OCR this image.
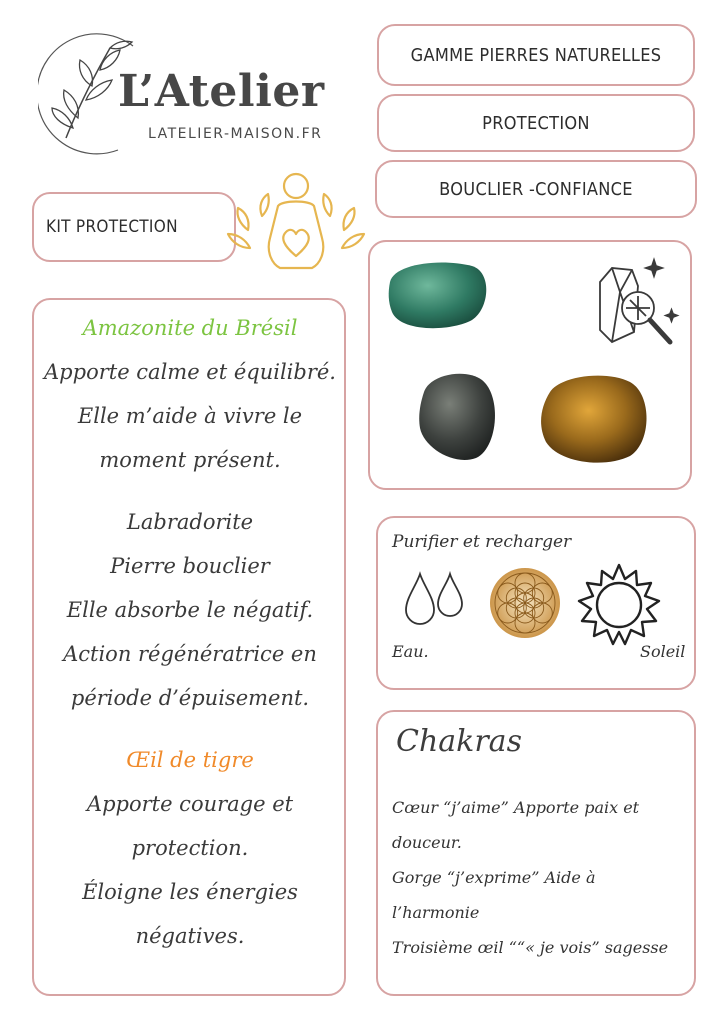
L’Atelier
LATELIER-MAISON.FR
GAMME PIERRES NATURELLES
PROTECTION
BOUCLIER -CONFIANCE
KIT PROTECTION

Amazonite du Brésil

Apporte calme et équilibré.

Elle m’aide à vivre le

moment présent.

Labradorite

Pierre bouclier

Elle absorbe le négatif.

Action régénératrice en

période d’épuisement.

Œil de tigre

Apporte courage et

protection.

Éloigne les énergies

négatives.

Purifier et recharger
Eau.	Soleil
Chakras

Cœur “j’aime” Apporte paix et

douceur.

Gorge “j’exprime” Aide à

l’harmonie

Troisième œil ““« je vois” sagesse
